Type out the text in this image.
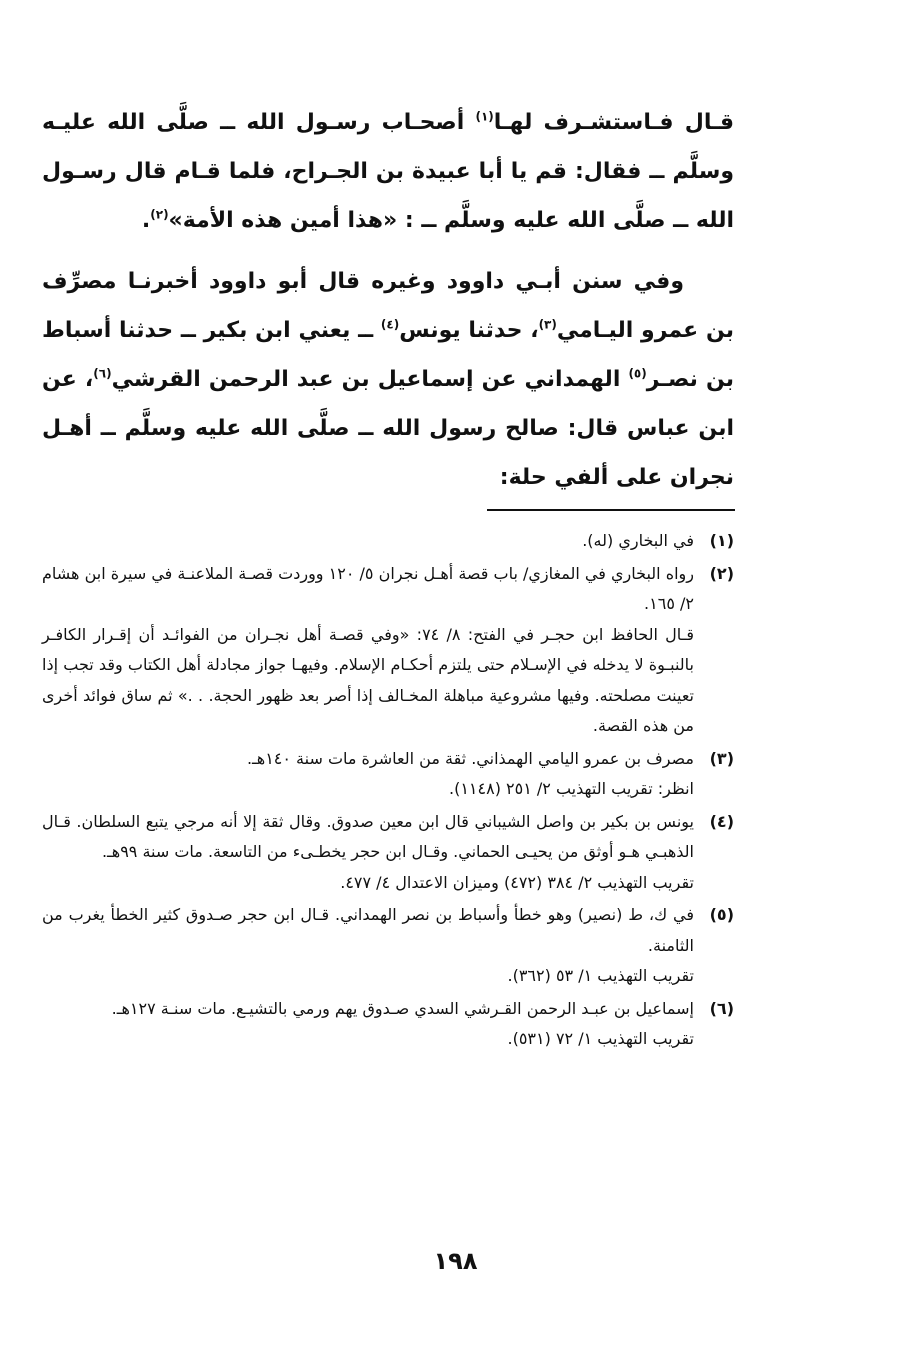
قـال فـاستشـرف لهـا$^{(١)}$ أصحـاب رسـول الله ــ صلَّى الله عليـه وسلَّم ــ فقال: قم يا أبا عبيدة بن الجـراح، فلما قـام قال رسـول الله ــ صلَّى الله عليه وسلَّم ــ : «هذا أمين هذه الأمة»$^{(٢)}$.

وفي سنن أبـي داوود وغيره قال أبو داوود أخبرنـا مصرِّف بن عمرو اليـامي$^{(٣)}$، حدثنا يونس$^{(٤)}$ ــ يعني ابن بكير ــ حدثنا أسباط بن نصـر$^{(٥)}$ الهمداني عن إسماعيل بن عبد الرحمن القرشي$^{(٦)}$، عن ابن عباس قال: صالح رسول الله ــ صلَّى الله عليه وسلَّم ــ أهـل نجران على ألفي حلة:

(١)

في البخاري (له).

(٢)

رواه البخاري في المغازي/ باب قصة أهـل نجران ٥/ ١٢٠ ووردت قصـة الملاعنـة في سيرة ابن هشام ٢/ ١٦٥.

قـال الحافظ ابن حجـر في الفتح: ٨/ ٧٤: «وفي قصـة أهل نجـران من الفوائـد أن إقـرار الكافـر بالنبـوة لا يدخله في الإسـلام حتى يلتزم أحكـام الإسلام. وفيهـا جواز مجادلة أهل الكتاب وقد تجب إذا تعينت مصلحته. وفيها مشروعية مباهلة المخـالف إذا أصر بعد ظهور الحجة. . .» ثم ساق فوائد أخرى من هذه القصة.

(٣)

مصرف بن عمرو اليامي الهمذاني. ثقة من العاشرة مات سنة ١٤٠هـ.

انظر: تقريب التهذيب ٢/ ٢٥١ (١١٤٨).

(٤)

يونس بن بكير بن واصل الشيباني قال ابن معين صدوق. وقال ثقة إلا أنه مرجي يتبع السلطان. قـال الذهبـي هـو أوثق من يحيـى الحماني. وقـال ابن حجر يخطـىء من التاسعة. مات سنة ٩٩هـ.

تقريب التهذيب ٢/ ٣٨٤ (٤٧٢) وميزان الاعتدال ٤/ ٤٧٧.

(٥)

في ك، ط (نصير) وهو خطأ وأسباط بن نصر الهمداني. قـال ابن حجر صـدوق كثير الخطأ يغرب من الثامنة.

تقريب التهذيب ١/ ٥٣ (٣٦٢).

(٦)

إسماعيل بن عبـد الرحمن القـرشي السدي صـدوق يهم ورمي بالتشيـع. مات سنـة ١٢٧هـ.

تقريب التهذيب ١/ ٧٢ (٥٣١).

١٩٨
